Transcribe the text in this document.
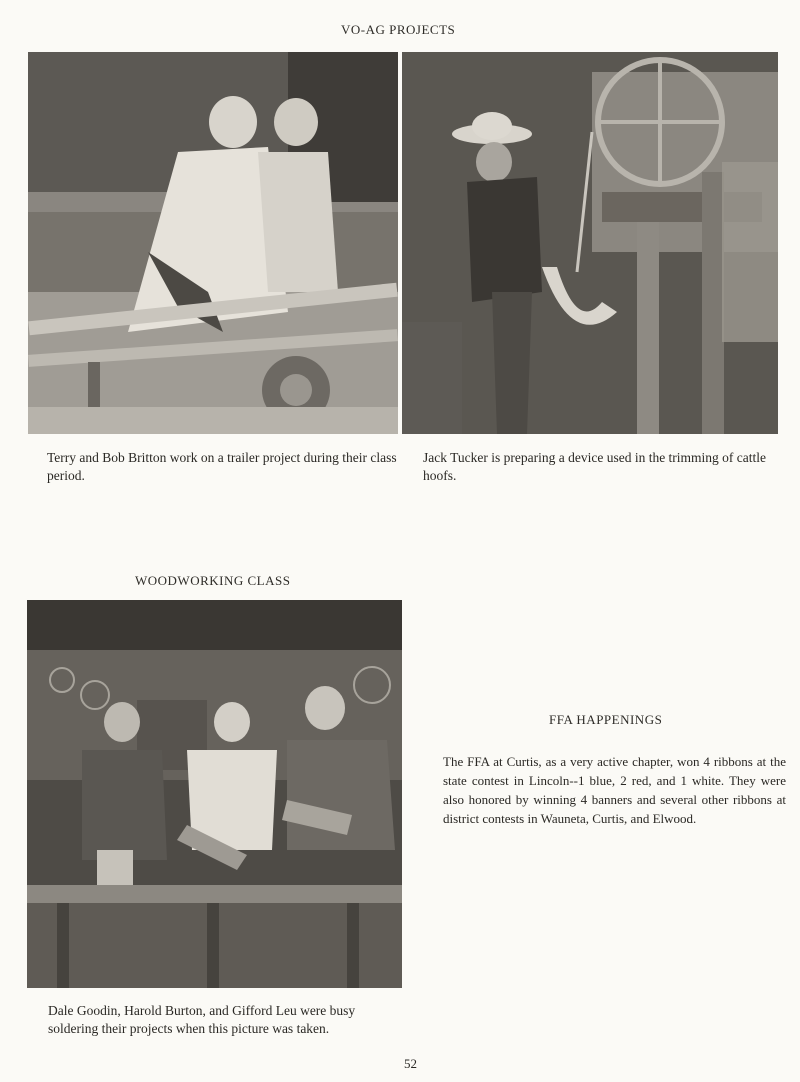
VO-AG PROJECTS
Terry and Bob Britton work on a trailer project during their class period.
Jack Tucker is preparing a device used in the trimming of cattle hoofs.
WOODWORKING CLASS
Dale Goodin, Harold Burton, and Gifford Leu were busy soldering their projects when this picture was taken.
FFA HAPPENINGS
The FFA at Curtis, as a very active chapter, won 4 ribbons at the state contest in Lincoln--1 blue, 2 red, and 1 white. They were also honored by winning 4 banners and several other ribbons at district contests in Wauneta, Curtis, and Elwood.
52
